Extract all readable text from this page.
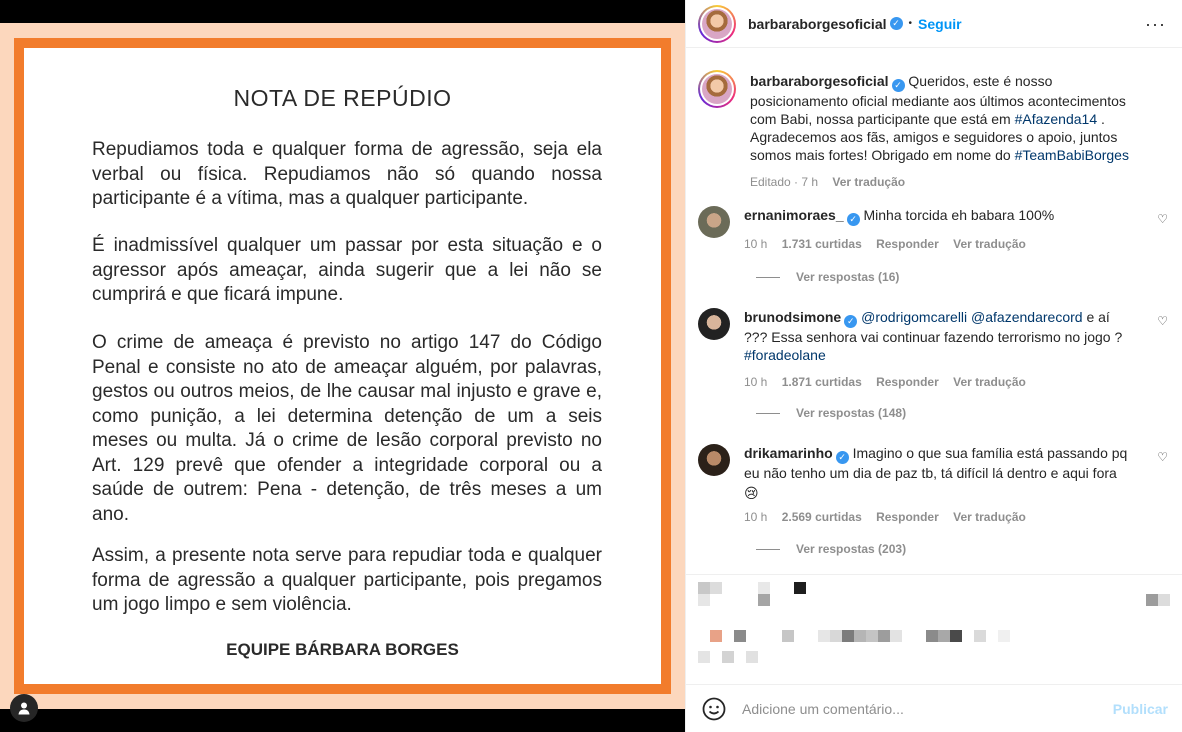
NOTA DE REPÚDIO
Repudiamos toda e qualquer forma de agressão, seja ela verbal ou física. Repudiamos não só quando nossa participante é a vítima, mas a qualquer participante.
É inadmissível qualquer um passar por esta situação e o agressor após ameaçar, ainda sugerir que a lei não se cumprirá e que ficará impune.
O crime de ameaça é previsto no artigo 147 do Código Penal e consiste no ato de ameaçar alguém, por palavras, gestos ou outros meios, de lhe causar mal injusto e grave e, como punição, a lei determina detenção de um a seis meses ou multa. Já o crime de lesão corporal previsto no Art. 129 prevê que ofender a integridade corporal ou a saúde de outrem: Pena - detenção, de três meses a um ano.
Assim, a presente nota serve para repudiar toda e qualquer forma de agressão a qualquer participante, pois pregamos um jogo limpo e sem violência.
EQUIPE BÁRBARA BORGES
barbaraborgesoficial ✓ • Seguir	···
barbaraborgesoficial ✓ Queridos, este é nosso posicionamento oficial mediante aos últimos acontecimentos com Babi, nossa participante que está em #Afazenda14 . Agradecemos aos fãs, amigos e seguidores o apoio, juntos somos mais fortes! Obrigado em nome do #TeamBabiBorges
Editado · 7 h Ver tradução
ernanimoraes_ ✓ Minha torcida eh babara 100%
10 h 1.731 curtidas Responder Ver tradução
♡
Ver respostas (16)
brunodsimone ✓ @rodrigomcarelli @afazendarecord e aí ??? Essa senhora vai continuar fazendo terrorismo no jogo ? #foradeolane
10 h 1.871 curtidas Responder Ver tradução
♡
Ver respostas (148)
drikamarinho ✓ Imagino o que sua família está passando pq eu não tenho um dia de paz tb, tá difícil lá dentro e aqui fora
😢
10 h 2.569 curtidas Responder Ver tradução
♡
Ver respostas (203)
Adicione um comentário...	Publicar
